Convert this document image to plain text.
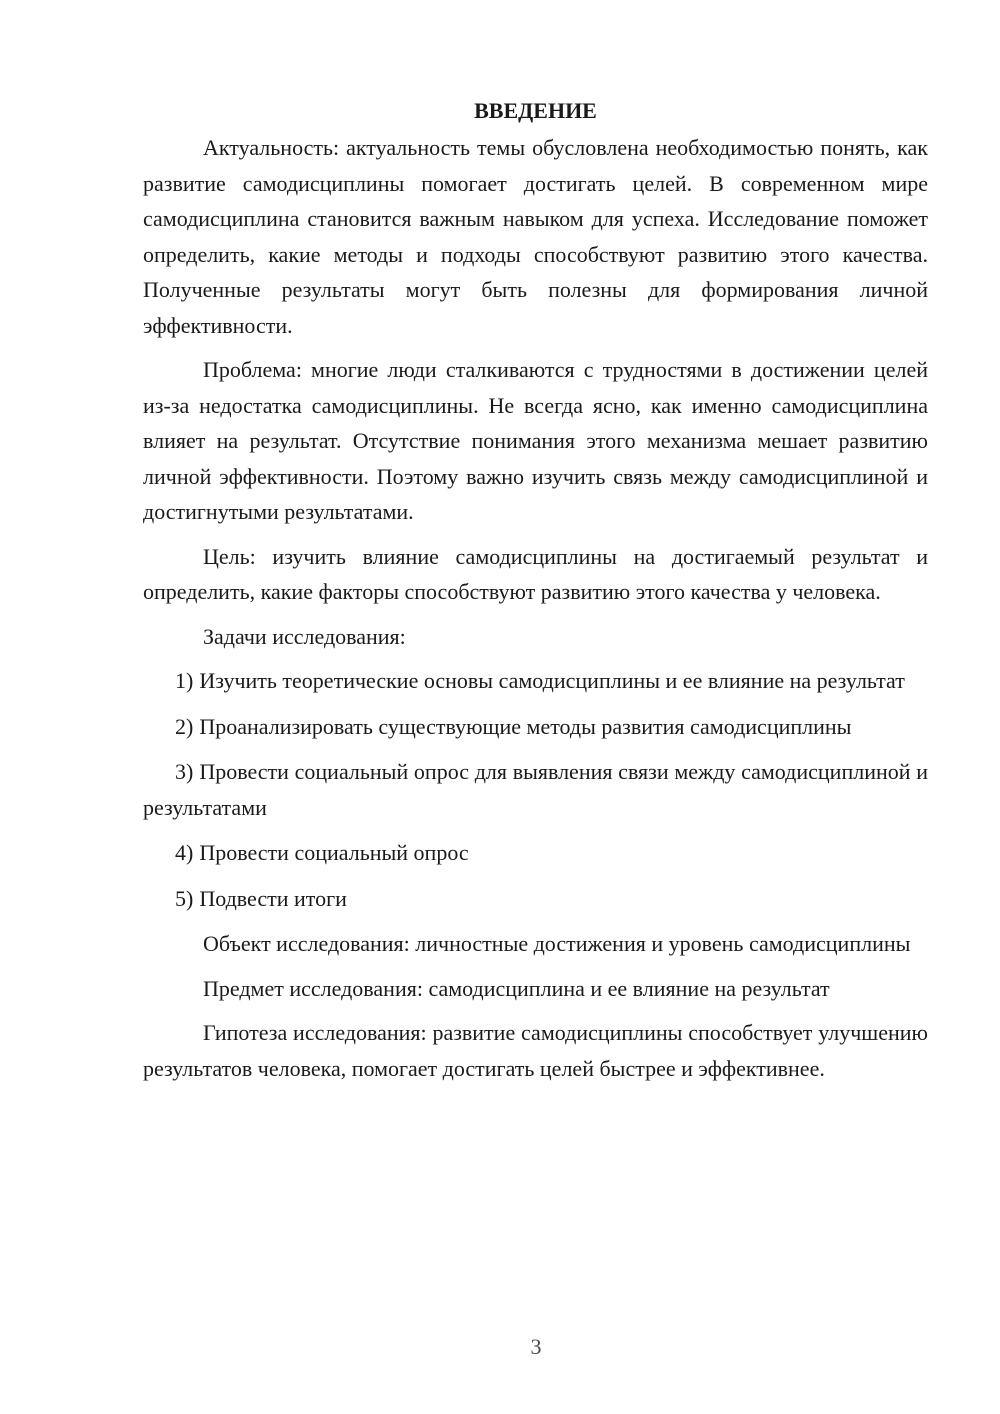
ВВЕДЕНИЕ

Актуальность: актуальность темы обусловлена необходимостью понять, как развитие самодисциплины помогает достигать целей. В современном мире самодисциплина становится важным навыком для успеха. Исследование поможет определить, какие методы и подходы способствуют развитию этого качества. Полученные результаты могут быть полезны для формирования личной эффективности.

Проблема: многие люди сталкиваются с трудностями в достижении целей из-за недостатка самодисциплины. Не всегда ясно, как именно самодисциплина влияет на результат. Отсутствие понимания этого механизма мешает развитию личной эффективности. Поэтому важно изучить связь между самодисциплиной и достигнутыми результатами.

Цель: изучить влияние самодисциплины на достигаемый результат и определить, какие факторы способствуют развитию этого качества у человека.

Задачи исследования:

1) Изучить теоретические основы самодисциплины и ее влияние на результат

2) Проанализировать существующие методы развития самодисциплины

3) Провести социальный опрос для выявления связи между самодисциплиной и результатами

4) Провести социальный опрос

5) Подвести итоги

Объект исследования: личностные достижения и уровень самодисциплины

Предмет исследования: самодисциплина и ее влияние на результат

Гипотеза исследования: развитие самодисциплины способствует улучшению результатов человека, помогает достигать целей быстрее и эффективнее.

3
